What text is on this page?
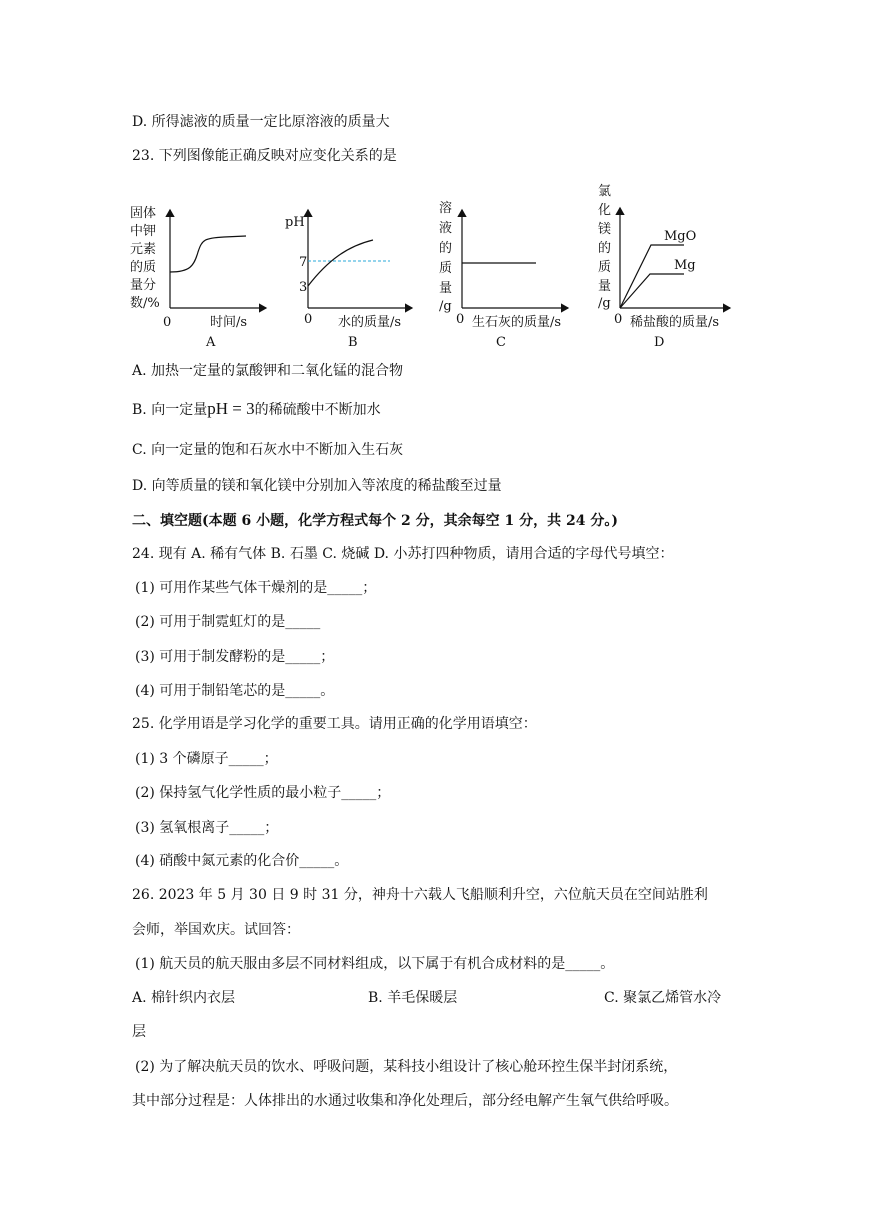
D. 所得滤液的质量一定比原溶液的质量大
23. 下列图像能正确反映对应变化关系的是
固体
中钾
元素
的质
量分
数/%
0	时间/s
A
pH
7
3
0 水的质量/s
B
溶
液
的
质
量
/g
0 生石灰的质量/s
C
氯
化
镁
的
质
量
/g
MgO
Mg
0 稀盐酸的质量/s
D
A. 加热一定量的氯酸钾和二氧化锰的混合物
B. 向一定量pH = 3的稀硫酸中不断加水
C. 向一定量的饱和石灰水中不断加入生石灰
D. 向等质量的镁和氧化镁中分别加入等浓度的稀盐酸至过量
二、填空题(本题 6 小题，化学方程式每个 2 分，其余每空 1 分，共 24 分。)
24. 现有 A. 稀有气体 B. 石墨 C. 烧碱 D. 小苏打四种物质，请用合适的字母代号填空：
(1) 可用作某些气体干燥剂的是_____；
(2) 可用于制霓虹灯的是_____
(3) 可用于制发酵粉的是_____；
(4) 可用于制铅笔芯的是_____。
25. 化学用语是学习化学的重要工具。请用正确的化学用语填空：
(1) 3 个磷原子_____；
(2) 保持氢气化学性质的最小粒子_____；
(3) 氢氧根离子_____；
(4) 硝酸中氮元素的化合价_____。
26. 2023 年 5 月 30 日 9 时 31 分，神舟十六载人飞船顺利升空，六位航天员在空间站胜利
会师，举国欢庆。试回答：
(1) 航天员的航天服由多层不同材料组成，以下属于有机合成材料的是_____。
A. 棉针织内衣层	B. 羊毛保暖层	C. 聚氯乙烯管水冷
层
(2) 为了解决航天员的饮水、呼吸问题，某科技小组设计了核心舱环控生保半封闭系统，
其中部分过程是：人体排出的水通过收集和净化处理后，部分经电解产生氧气供给呼吸。
